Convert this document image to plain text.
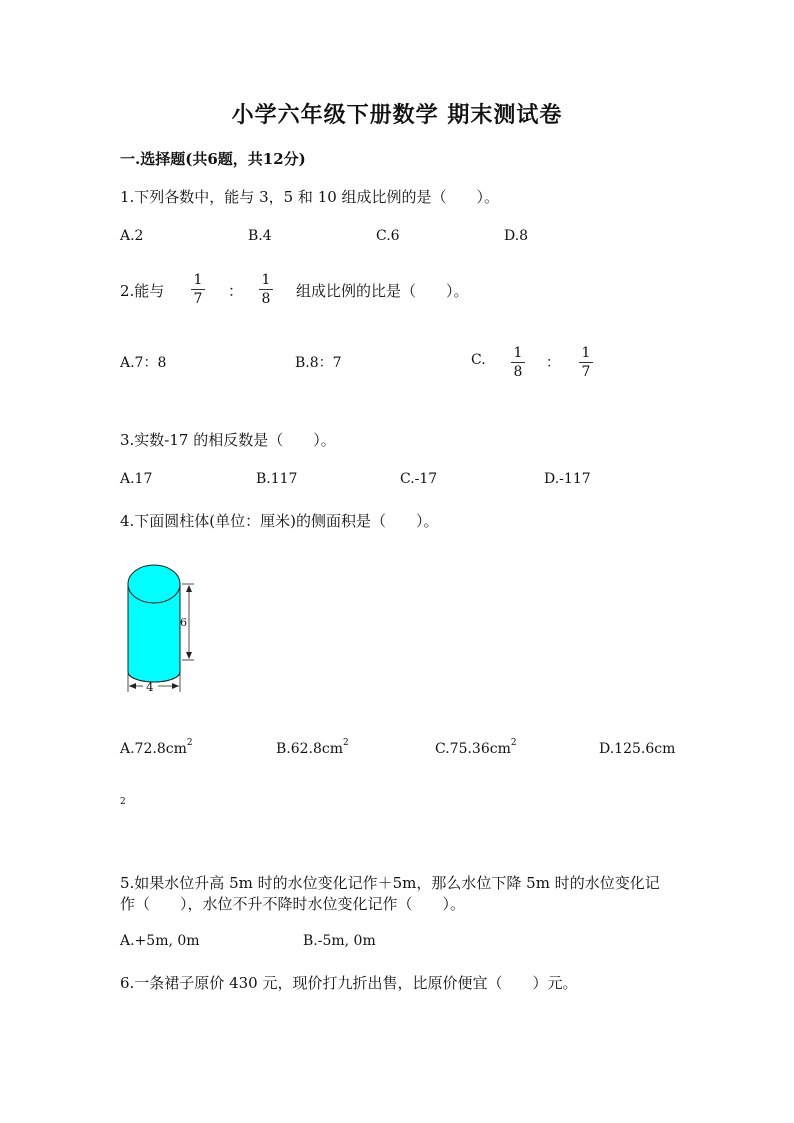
小学六年级下册数学 期末测试卷
一.选择题(共6题，共12分)
1.下列各数中，能与 3，5 和 10 组成比例的是（　　）。
A.2	B.4	C.6	D.8
2.能与 $\frac{1}{7}$ ： $\frac{1}{8}$ 组成比例的比是（　　）。
A.7：8	B.8：7	C. $\frac{1}{8}$ ： $\frac{1}{7}$
3.实数-17 的相反数是（　　）。
A.17	B.117	C.-17	D.-117
4.下面圆柱体(单位：厘米)的侧面积是（　　）。
6
4
$A.72.8cm^2$	$B.62.8cm^2$	$C.75.36cm^2$	D.125.6cm
2
5.如果水位升高 5m 时的水位变化记作＋5m，那么水位下降 5m 时的水位变化记
作（　　），水位不升不降时水位变化记作（　　）。
A.+5m, 0m	B.-5m, 0m
6.一条裙子原价 430 元，现价打九折出售，比原价便宜（　　）元。
